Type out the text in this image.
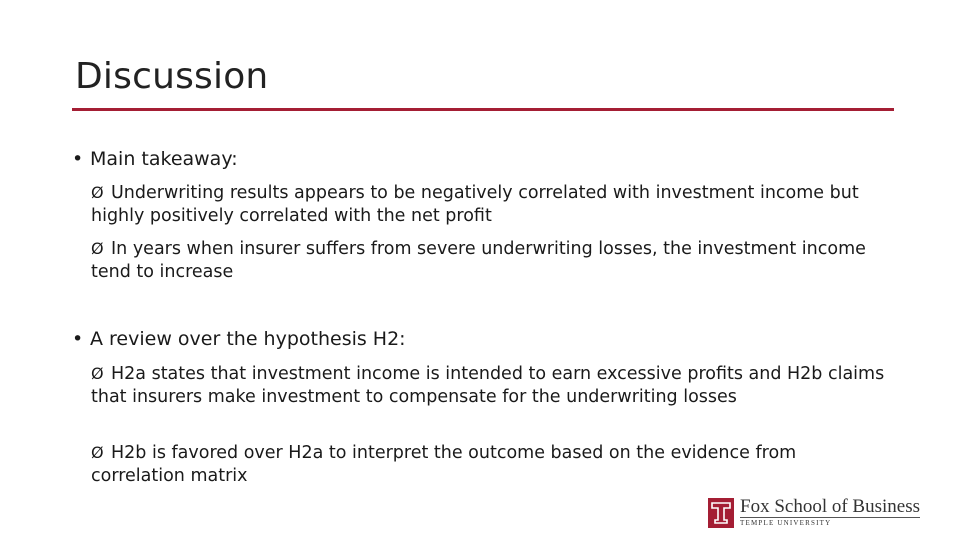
Discussion
• Main takeaway:
Ø Underwriting results appears to be negatively correlated with investment income but highly positively correlated with the net profit
Ø In years when insurer suffers from severe underwriting losses, the investment income tend to increase
• A review over the hypothesis H2:
Ø H2a states that investment income is intended to earn excessive profits and H2b claims that insurers make investment to compensate for the underwriting losses
Ø H2b is favored over H2a to interpret the outcome based on the evidence from correlation matrix
Fox School of Business
TEMPLE UNIVERSITY
